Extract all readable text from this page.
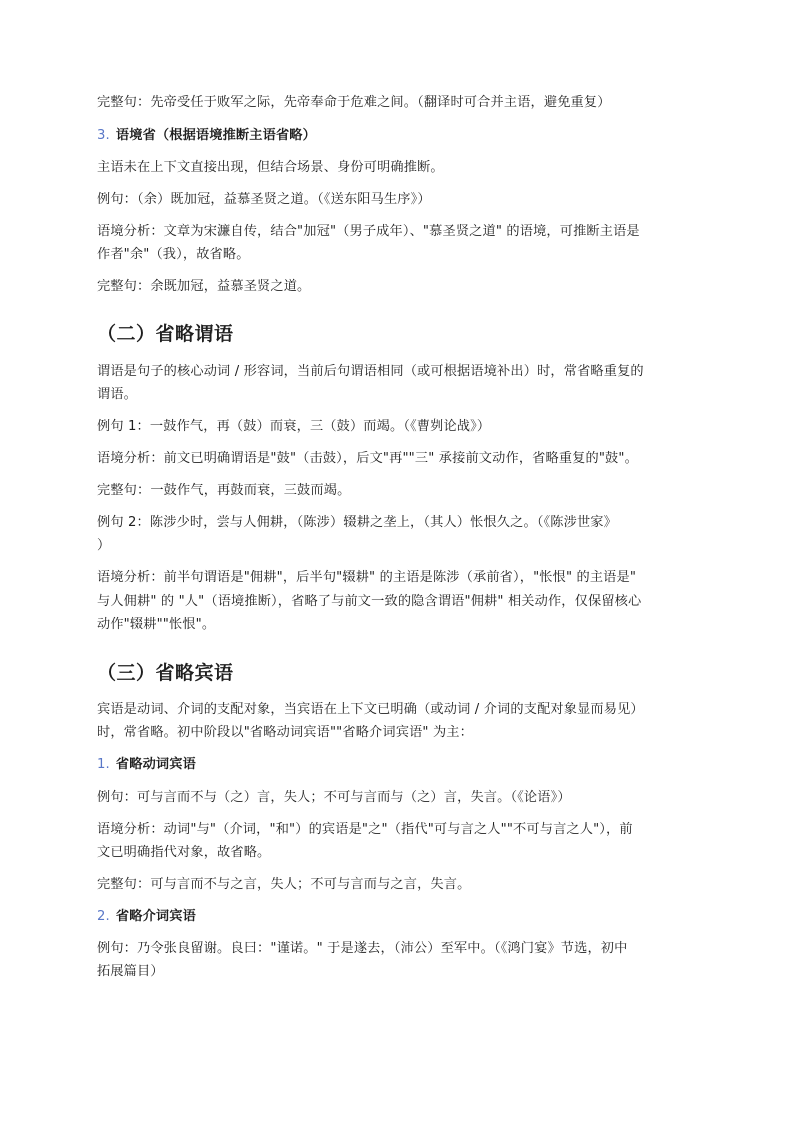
完整句：先帝受任于败军之际，先帝奉命于危难之间。（翻译时可合并主语，避免重复）
3. 语境省（根据语境推断主语省略）
主语未在上下文直接出现，但结合场景、身份可明确推断。
例句：（余）既加冠，益慕圣贤之道。（《送东阳马生序》）
语境分析：文章为宋濂自传，结合"加冠"（男子成年）、"慕圣贤之道" 的语境，可推断主语是
作者"余"（我），故省略。
完整句：余既加冠，益慕圣贤之道。
（二）省略谓语
谓语是句子的核心动词 / 形容词，当前后句谓语相同（或可根据语境补出）时，常省略重复的
谓语。
例句 1：一鼓作气，再（鼓）而衰，三（鼓）而竭。（《曹刿论战》）
语境分析：前文已明确谓语是"鼓"（击鼓），后文"再""三" 承接前文动作，省略重复的"鼓"。
完整句：一鼓作气，再鼓而衰，三鼓而竭。
例句 2：陈涉少时，尝与人佣耕，（陈涉）辍耕之垄上，（其人）怅恨久之。（《陈涉世家》
）
语境分析：前半句谓语是"佣耕"，后半句"辍耕" 的主语是陈涉（承前省），"怅恨" 的主语是"
与人佣耕" 的 "人"（语境推断），省略了与前文一致的隐含谓语"佣耕" 相关动作，仅保留核心
动作"辍耕""怅恨"。
（三）省略宾语
宾语是动词、介词的支配对象，当宾语在上下文已明确（或动词 / 介词的支配对象显而易见）
时，常省略。初中阶段以"省略动词宾语""省略介词宾语" 为主：
1. 省略动词宾语
例句：可与言而不与（之）言，失人；不可与言而与（之）言，失言。（《论语》）
语境分析：动词"与"（介词，"和"）的宾语是"之"（指代"可与言之人""不可与言之人"），前
文已明确指代对象，故省略。
完整句：可与言而不与之言，失人；不可与言而与之言，失言。
2. 省略介词宾语
例句：乃令张良留谢。良曰："谨诺。" 于是遂去，（沛公）至军中。（《鸿门宴》节选，初中
拓展篇目）
